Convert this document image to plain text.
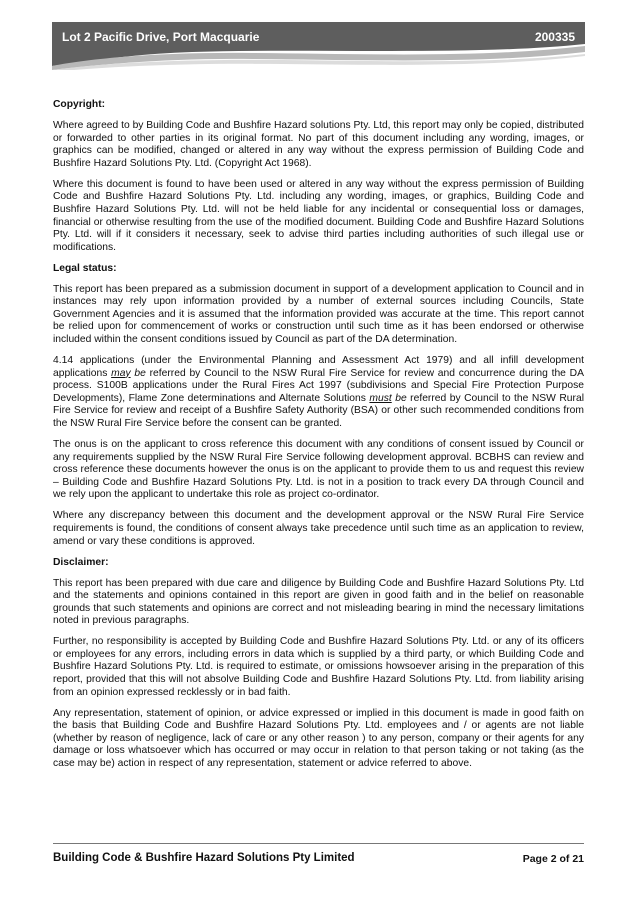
Lot 2 Pacific Drive, Port Macquarie	200335
Copyright:

Where agreed to by Building Code and Bushfire Hazard solutions Pty. Ltd, this report may only be copied, distributed or forwarded to other parties in its original format. No part of this document including any wording, images, or graphics can be modified, changed or altered in any way without the express permission of Building Code and Bushfire Hazard Solutions Pty. Ltd. (Copyright Act 1968).

Where this document is found to have been used or altered in any way without the express permission of Building Code and Bushfire Hazard Solutions Pty. Ltd. including any wording, images, or graphics, Building Code and Bushfire Hazard Solutions Pty. Ltd. will not be held liable for any incidental or consequential loss or damages, financial or otherwise resulting from the use of the modified document. Building Code and Bushfire Hazard Solutions Pty. Ltd. will if it considers it necessary, seek to advise third parties including authorities of such illegal use or modifications.

Legal status:

This report has been prepared as a submission document in support of a development application to Council and in instances may rely upon information provided by a number of external sources including Councils, State Government Agencies and it is assumed that the information provided was accurate at the time. This report cannot be relied upon for commencement of works or construction until such time as it has been endorsed or otherwise included within the consent conditions issued by Council as part of the DA determination.

4.14 applications (under the Environmental Planning and Assessment Act 1979) and all infill development applications may be referred by Council to the NSW Rural Fire Service for review and concurrence during the DA process. S100B applications under the Rural Fires Act 1997 (subdivisions and Special Fire Protection Purpose Developments), Flame Zone determinations and Alternate Solutions must be referred by Council to the NSW Rural Fire Service for review and receipt of a Bushfire Safety Authority (BSA) or other such recommended conditions from the NSW Rural Fire Service before the consent can be granted.

The onus is on the applicant to cross reference this document with any conditions of consent issued by Council or any requirements supplied by the NSW Rural Fire Service following development approval. BCBHS can review and cross reference these documents however the onus is on the applicant to provide them to us and request this review – Building Code and Bushfire Hazard Solutions Pty. Ltd. is not in a position to track every DA through Council and we rely upon the applicant to undertake this role as project co-ordinator.

Where any discrepancy between this document and the development approval or the NSW Rural Fire Service requirements is found, the conditions of consent always take precedence until such time as an application to review, amend or vary these conditions is approved.

Disclaimer:

This report has been prepared with due care and diligence by Building Code and Bushfire Hazard Solutions Pty. Ltd and the statements and opinions contained in this report are given in good faith and in the belief on reasonable grounds that such statements and opinions are correct and not misleading bearing in mind the necessary limitations noted in previous paragraphs.

Further, no responsibility is accepted by Building Code and Bushfire Hazard Solutions Pty. Ltd. or any of its officers or employees for any errors, including errors in data which is supplied by a third party, or which Building Code and Bushfire Hazard Solutions Pty. Ltd. is required to estimate, or omissions howsoever arising in the preparation of this report, provided that this will not absolve Building Code and Bushfire Hazard Solutions Pty. Ltd. from liability arising from an opinion expressed recklessly or in bad faith.

Any representation, statement of opinion, or advice expressed or implied in this document is made in good faith on the basis that Building Code and Bushfire Hazard Solutions Pty. Ltd. employees and / or agents are not liable (whether by reason of negligence, lack of care or any other reason ) to any person, company or their agents for any damage or loss whatsoever which has occurred or may occur in relation to that person taking or not taking (as the case may be) action in respect of any representation, statement or advice referred to above.

Building Code & Bushfire Hazard Solutions Pty Limited	Page 2 of 21
